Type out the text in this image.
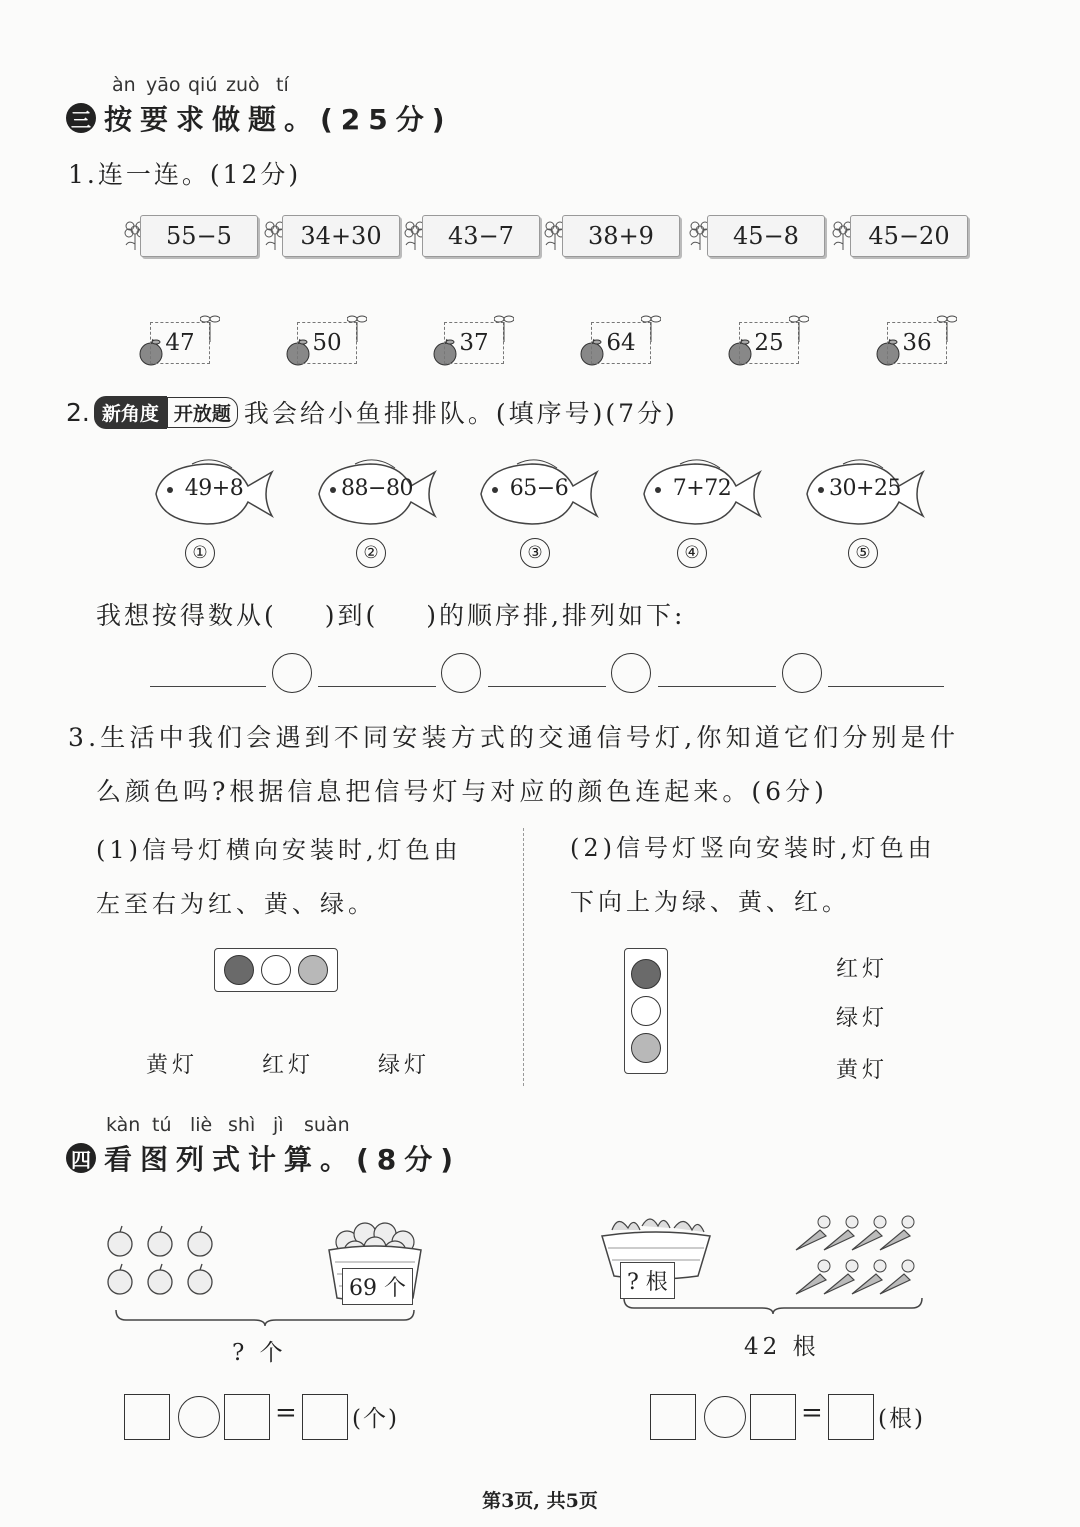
àn yāo qiú zuò tí
三 按要求做题。(25分)
1.连一连。(12分)
55−5	34+30	43−7	38+9	45−8	45−20
47	50	37	64	25	36
2. 新角度 开放题 我会给小鱼排排队。(填序号)(7分)
49+8	88−80	65−6	7+72	30+25
①	②	③	④	⑤
我想按得数从( )到( )的顺序排,排列如下:
3.生活中我们会遇到不同安装方式的交通信号灯,你知道它们分别是什
么颜色吗?根据信息把信号灯与对应的颜色连起来。(6分)
(1)信号灯横向安装时,灯色由
左至右为红、黄、绿。
(2)信号灯竖向安装时,灯色由
下向上为绿、黄、红。
黄灯	红灯	绿灯
红灯
绿灯
黄灯
kàn tú liè shì jì suàn
四 看图列式计算。(8分)
69 个
? 个
= (个)
? 根
42 根
= (根)
第3页, 共5页
